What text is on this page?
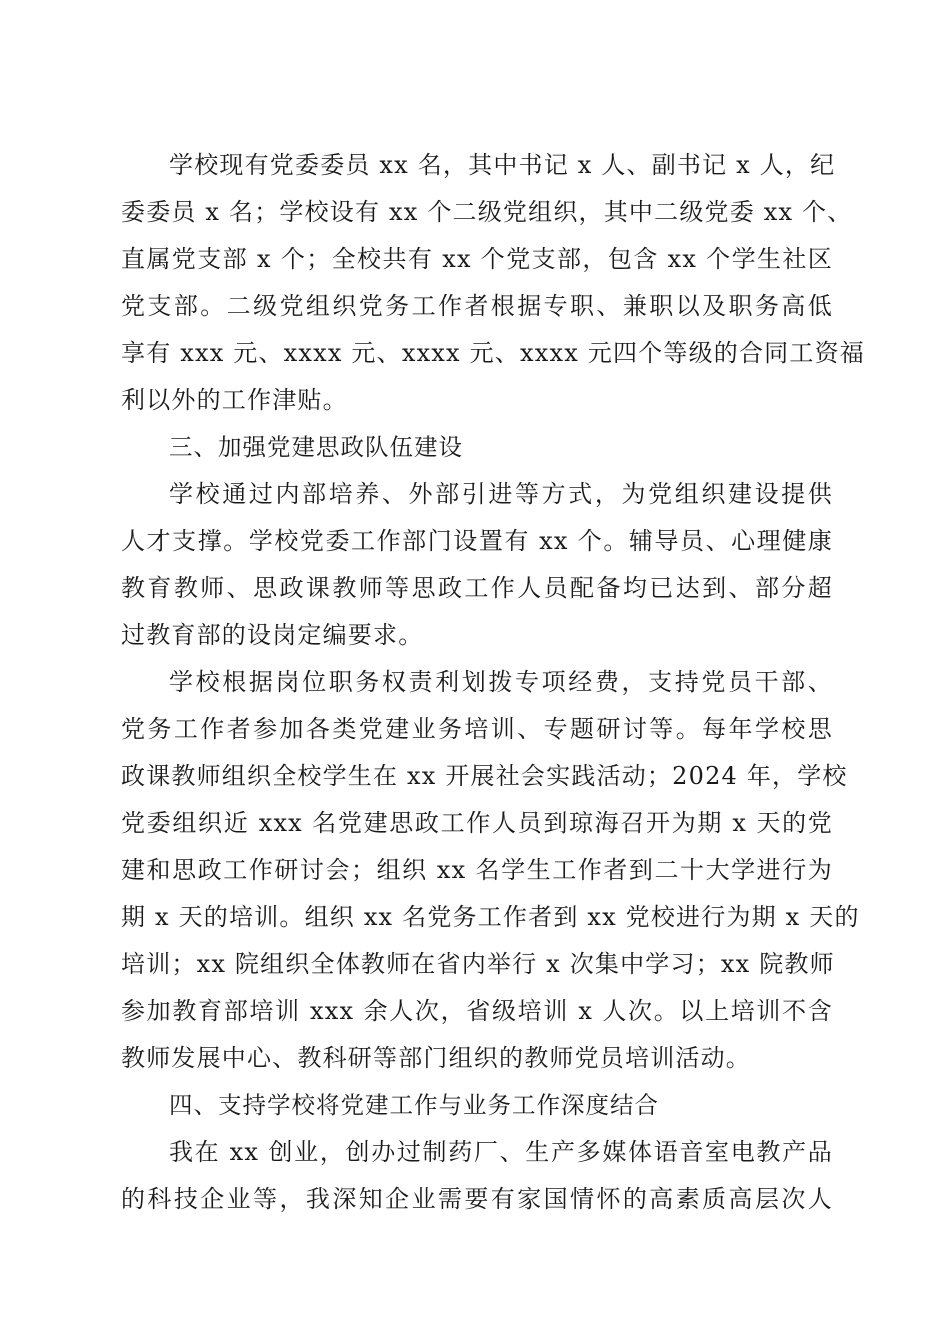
学校现有党委委员 xx 名，其中书记 x 人、副书记 x 人，纪
委委员 x 名；学校设有 xx 个二级党组织，其中二级党委 xx 个、
直属党支部 x 个；全校共有 xx 个党支部，包含 xx 个学生社区
党支部。二级党组织党务工作者根据专职、兼职以及职务高低
享有 xxx 元、xxxx 元、xxxx 元、xxxx 元四个等级的合同工资福
利以外的工作津贴。
三、加强党建思政队伍建设
学校通过内部培养、外部引进等方式，为党组织建设提供
人才支撑。学校党委工作部门设置有 xx 个。辅导员、心理健康
教育教师、思政课教师等思政工作人员配备均已达到、部分超
过教育部的设岗定编要求。
学校根据岗位职务权责利划拨专项经费，支持党员干部、
党务工作者参加各类党建业务培训、专题研讨等。每年学校思
政课教师组织全校学生在 xx 开展社会实践活动；2024 年，学校
党委组织近 xxx 名党建思政工作人员到琼海召开为期 x 天的党
建和思政工作研讨会；组织 xx 名学生工作者到二十大学进行为
期 x 天的培训。组织 xx 名党务工作者到 xx 党校进行为期 x 天的
培训；xx 院组织全体教师在省内举行 x 次集中学习；xx 院教师
参加教育部培训 xxx 余人次，省级培训 x 人次。以上培训不含
教师发展中心、教科研等部门组织的教师党员培训活动。
四、支持学校将党建工作与业务工作深度结合
我在 xx 创业，创办过制药厂、生产多媒体语音室电教产品
的科技企业等，我深知企业需要有家国情怀的高素质高层次人
